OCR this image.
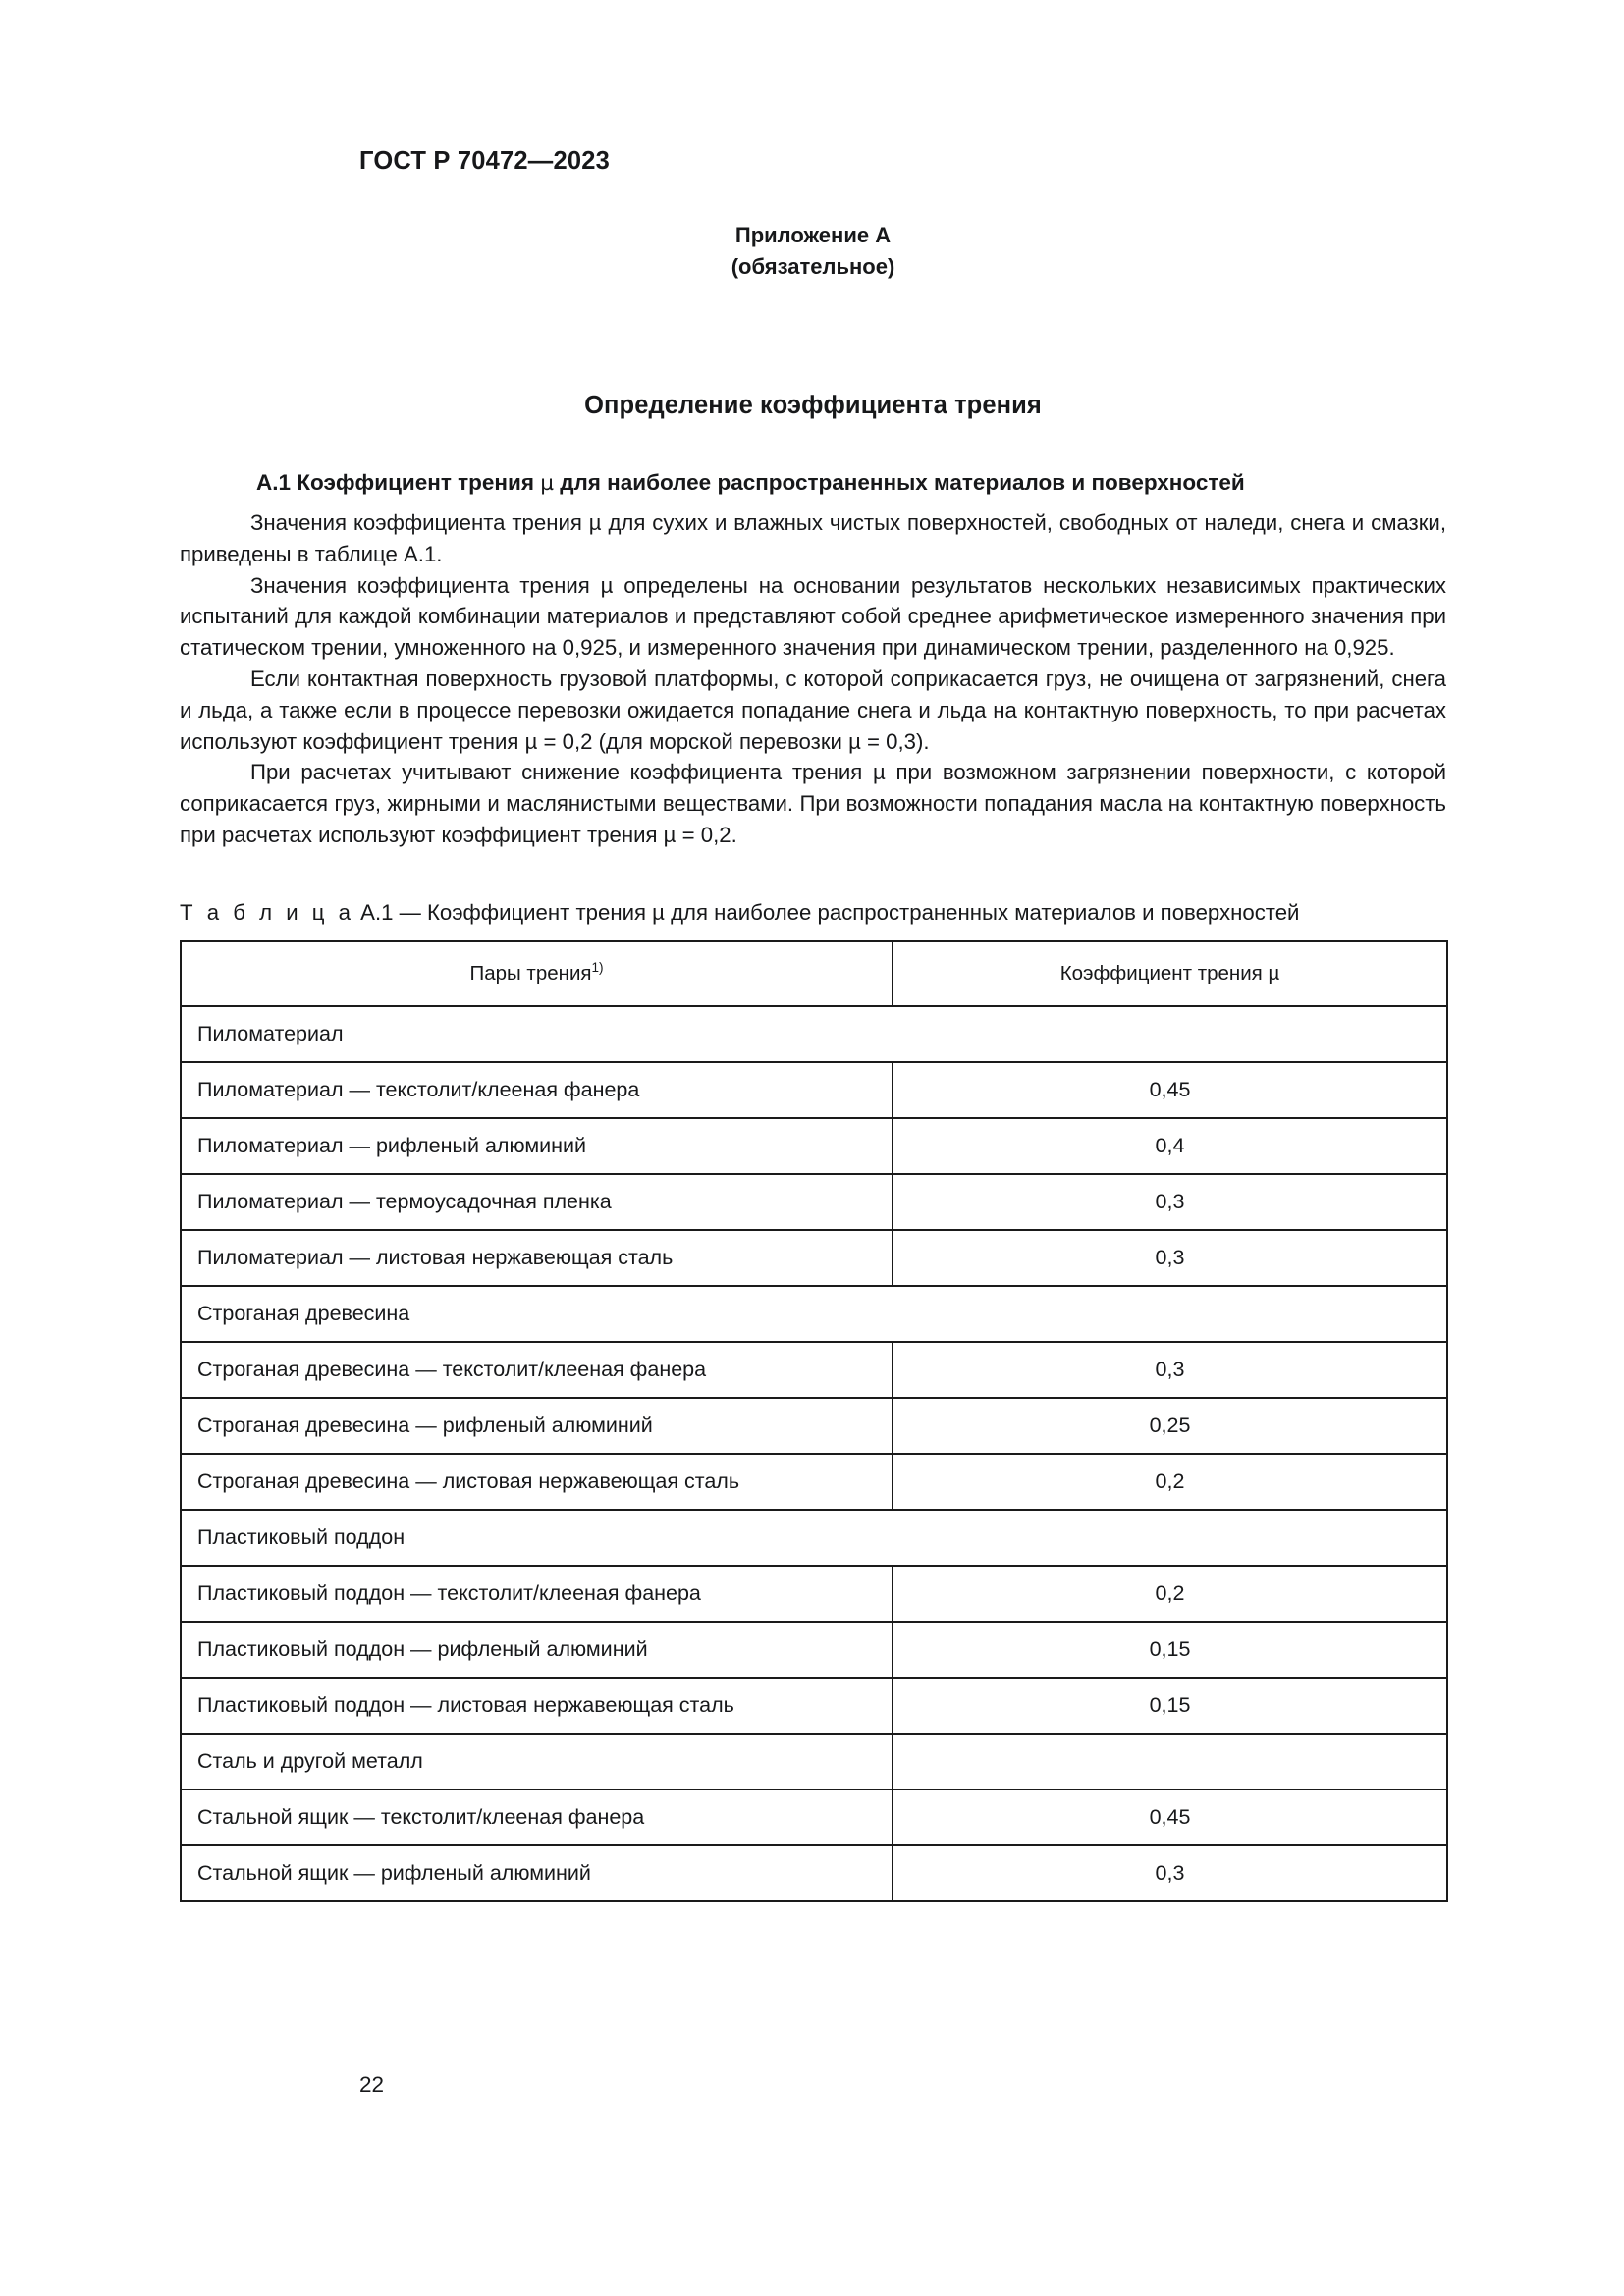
ГОСТ Р 70472—2023
Приложение А
(обязательное)
Определение коэффициента трения
А.1 Коэффициент трения µ для наиболее распространенных материалов и поверхностей

Значения коэффициента трения µ для сухих и влажных чистых поверхностей, свободных от наледи, снега и смазки, приведены в таблице А.1.

Значения коэффициента трения µ определены на основании результатов нескольких независимых практических испытаний для каждой комбинации материалов и представляют собой среднее арифметическое измеренного значения при статическом трении, умноженного на 0,925, и измеренного значения при динамическом трении, разделенного на 0,925.

Если контактная поверхность грузовой платформы, с которой соприкасается груз, не очищена от загрязнений, снега и льда, а также если в процессе перевозки ожидается попадание снега и льда на контактную поверхность, то при расчетах используют коэффициент трения µ = 0,2 (для морской перевозки µ = 0,3).

При расчетах учитывают снижение коэффициента трения µ при возможном загрязнении поверхности, с которой соприкасается груз, жирными и маслянистыми веществами. При возможности попадания масла на контактную поверхность при расчетах используют коэффициент трения µ = 0,2.

Т а б л и ц а А.1 — Коэффициент трения µ для наиболее распространенных материалов и поверхностей
Пары трения$^{1)}$	Коэффициент трения µ
Пиломатериал	
Пиломатериал — текстолит/клееная фанера	0,45
Пиломатериал — рифленый алюминий	0,4
Пиломатериал — термоусадочная пленка	0,3
Пиломатериал — листовая нержавеющая сталь	0,3
Строганая древесина	
Строганая древесина — текстолит/клееная фанера	0,3
Строганая древесина — рифленый алюминий	0,25
Строганая древесина — листовая нержавеющая сталь	0,2
Пластиковый поддон	
Пластиковый поддон — текстолит/клееная фанера	0,2
Пластиковый поддон — рифленый алюминий	0,15
Пластиковый поддон — листовая нержавеющая сталь	0,15
Сталь и другой металл	
Стальной ящик — текстолит/клееная фанера	0,45
Стальной ящик — рифленый алюминий	0,3
22
